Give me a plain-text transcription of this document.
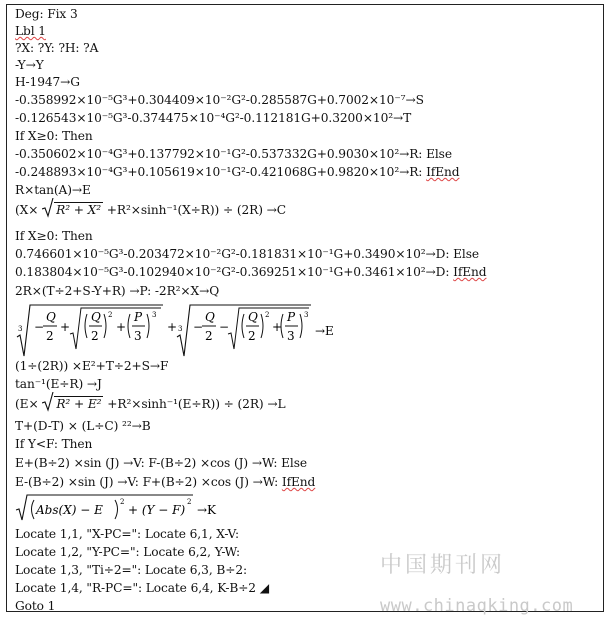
Deg: Fix 3
Lbl 1
?X: ?Y: ?H: ?A
-Y→Y
H-1947→G
-0.358992×10⁻⁵G³+0.304409×10⁻²G²-0.285587G+0.7002×10⁻⁷→S
-0.126543×10⁻⁵G³-0.374475×10⁻⁴G²-0.112181G+0.3200×10²→T
If X≥0: Then
-0.350602×10⁻⁴G³+0.137792×10⁻¹G²-0.537332G+0.9030×10²→R: Else
-0.248893×10⁻⁴G³+0.105619×10⁻¹G²-0.421068G+0.9820×10²→R: IfEnd
R×tan(A)→E
(X× R² + X² +R²×sinh⁻¹(X÷R)) ÷ (2R) →C
If X≥0: Then
0.746601×10⁻⁵G³-0.203472×10⁻²G²-0.181831×10⁻¹G+0.3490×10²→D: Else
0.183804×10⁻⁵G³-0.102940×10⁻²G²-0.369251×10⁻¹G+0.3461×10²→D: IfEnd
2R×(T÷2+S-Y+R) →P: -2R²×X→Q
3 −
Q
2
+
Q
2
2
+
P
3
3
+ 3 −
Q
2
−
Q
2
2
+
P
3
3
→E
(1÷(2R)) ×E²+T÷2+S→F
tan⁻¹(E÷R) →J
(E× R² + E² +R²×sinh⁻¹(E÷R)) ÷ (2R) →L
T+(D-T) × (L÷C) ²²→B
If Y<F: Then
E+(B÷2) ×sin (J) →V: F-(B÷2) ×cos (J) →W: Else
E-(B÷2) ×sin (J) →V: F+(B÷2) ×cos (J) →W: IfEnd
Abs(X) − E
2
+ (Y − F)
2
→K
Locate 1,1, "X-PC=": Locate 6,1, X-V:
Locate 1,2, "Y-PC=": Locate 6,2, Y-W:
Locate 1,3, "Ti÷2=": Locate 6,3, B÷2:
Locate 1,4, "R-PC=": Locate 6,4, K-B÷2 ◢
Goto 1
中国期刊网
www.chinaqking.com
